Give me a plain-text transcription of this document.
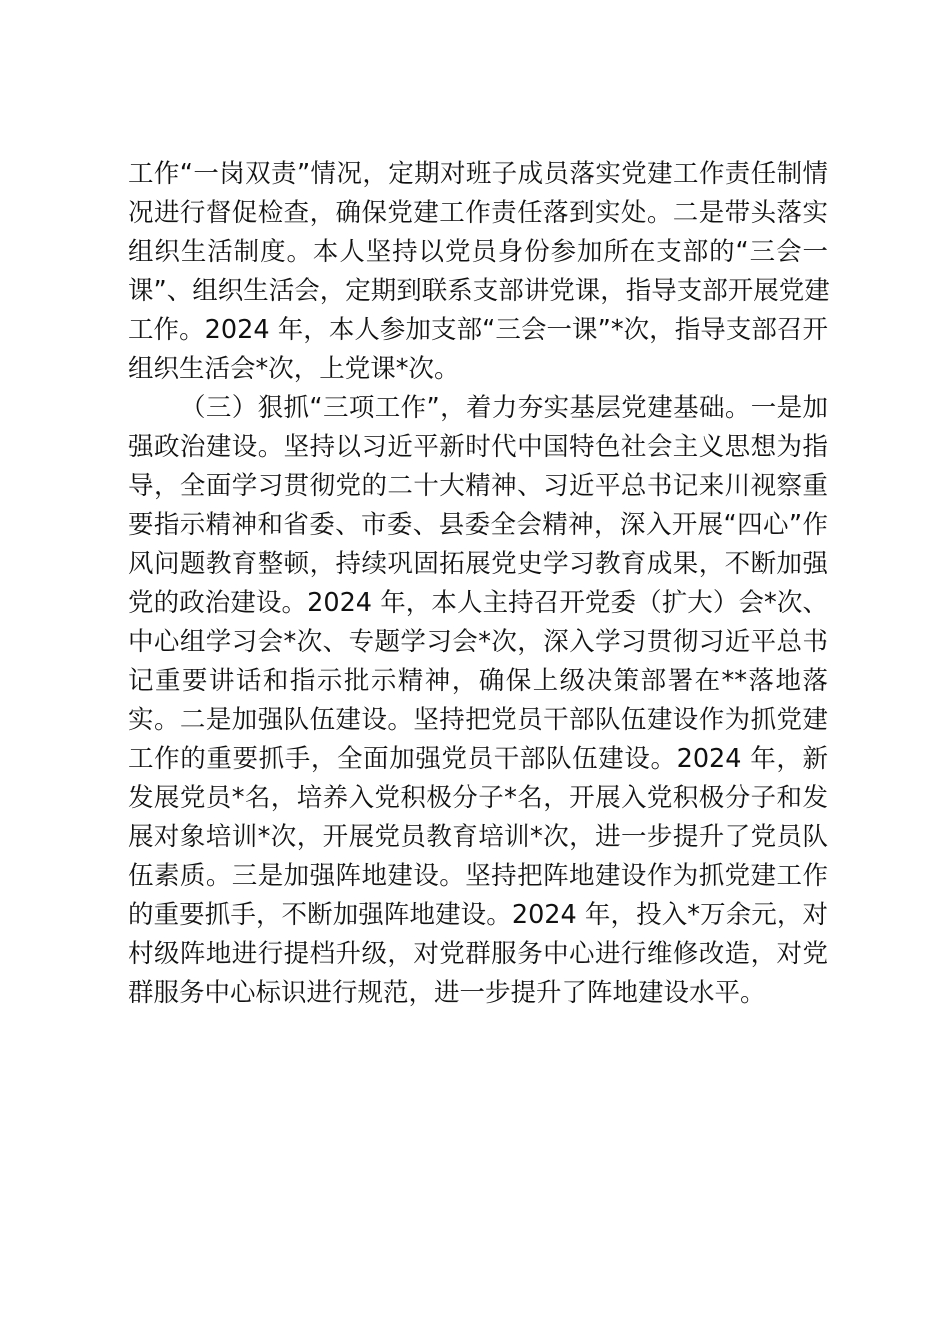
工作“一岗双责”情况，定期对班子成员落实党建工作责任制情
况进行督促检查，确保党建工作责任落到实处。二是带头落实
组织生活制度。本人坚持以党员身份参加所在支部的“三会一
课”、组织生活会，定期到联系支部讲党课，指导支部开展党建
工作。2024 年，本人参加支部“三会一课”*次，指导支部召开
组织生活会*次，上党课*次。
（三）狠抓“三项工作”，着力夯实基层党建基础。一是加
强政治建设。坚持以习近平新时代中国特色社会主义思想为指
导，全面学习贯彻党的二十大精神、习近平总书记来川视察重
要指示精神和省委、市委、县委全会精神，深入开展“四心”作
风问题教育整顿，持续巩固拓展党史学习教育成果，不断加强
党的政治建设。2024 年，本人主持召开党委（扩大）会*次、
中心组学习会*次、专题学习会*次，深入学习贯彻习近平总书
记重要讲话和指示批示精神，确保上级决策部署在**落地落
实。二是加强队伍建设。坚持把党员干部队伍建设作为抓党建
工作的重要抓手，全面加强党员干部队伍建设。2024 年，新
发展党员*名，培养入党积极分子*名，开展入党积极分子和发
展对象培训*次，开展党员教育培训*次，进一步提升了党员队
伍素质。三是加强阵地建设。坚持把阵地建设作为抓党建工作
的重要抓手，不断加强阵地建设。2024 年，投入*万余元，对
村级阵地进行提档升级，对党群服务中心进行维修改造，对党
群服务中心标识进行规范，进一步提升了阵地建设水平。
